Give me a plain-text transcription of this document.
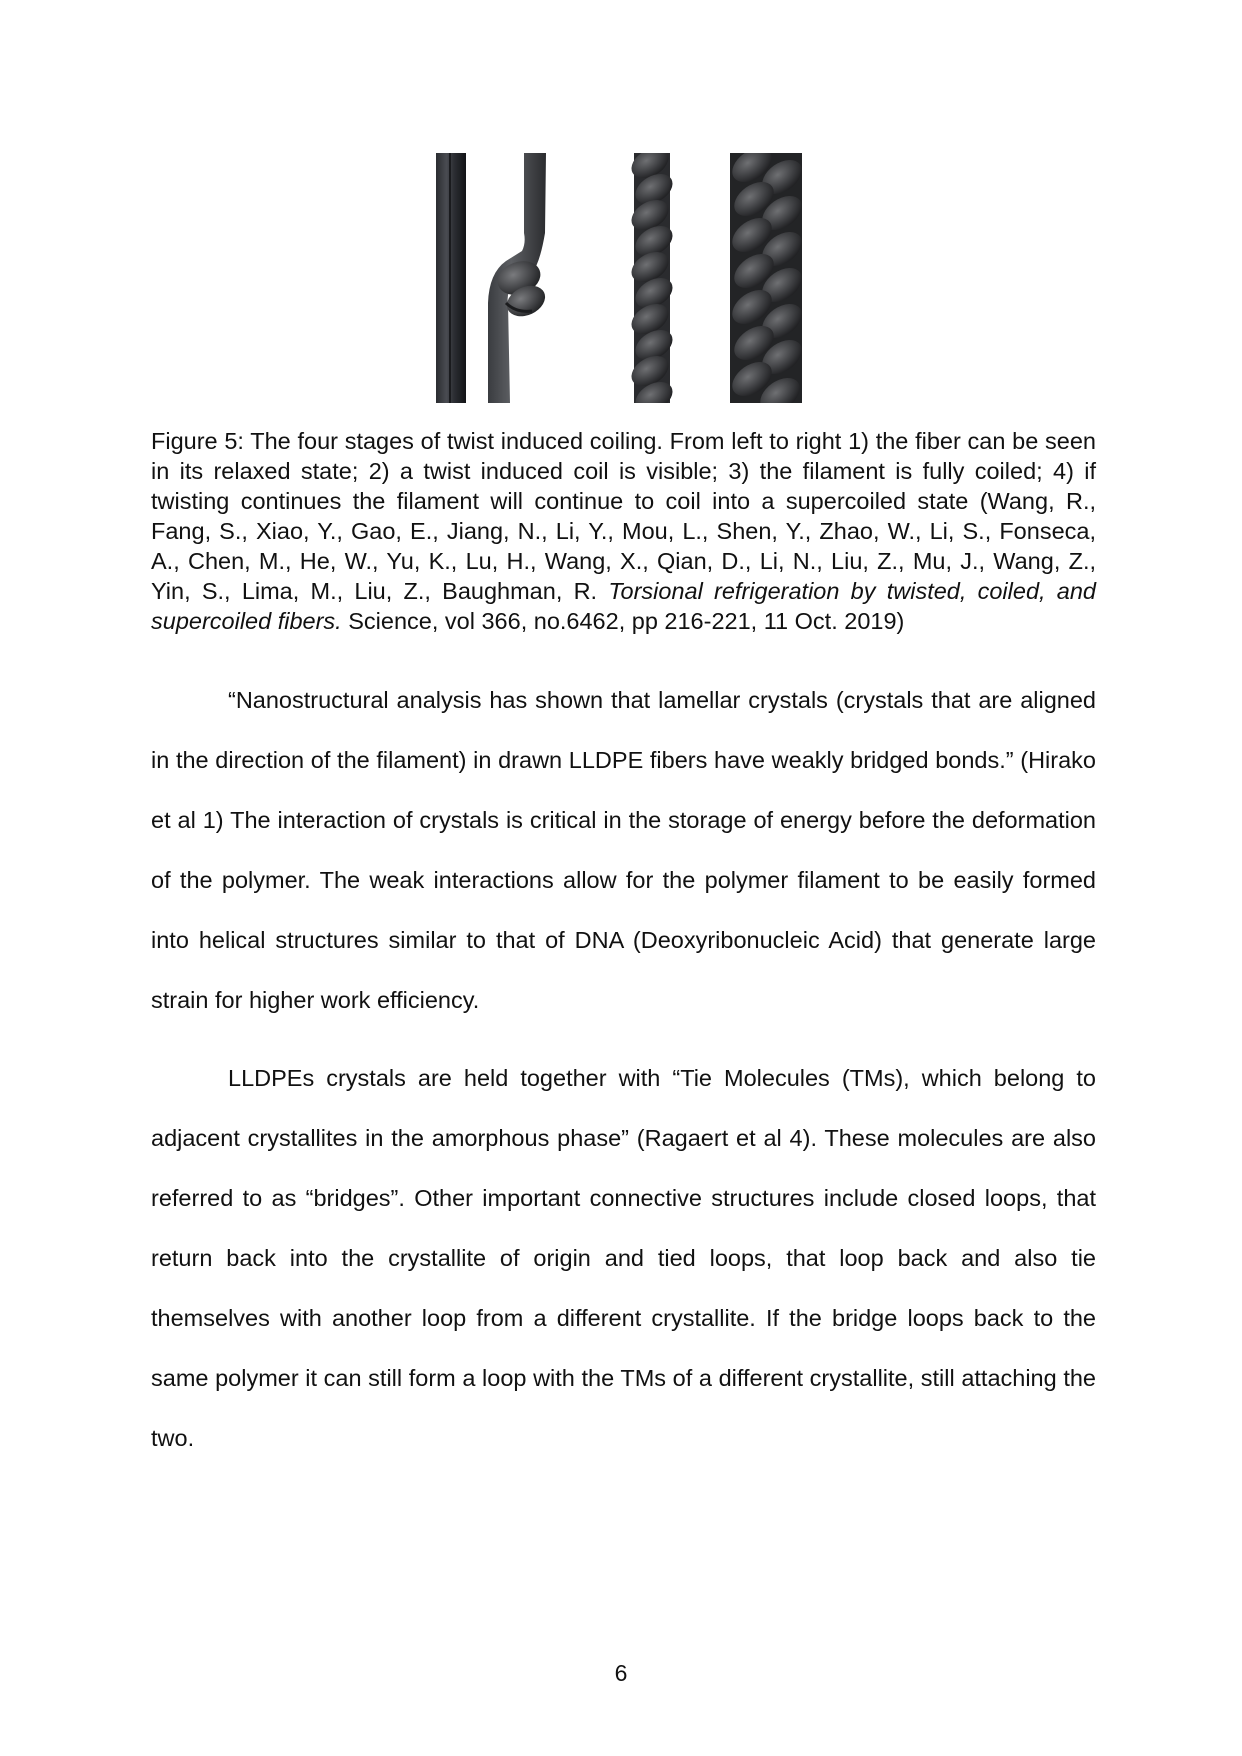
Figure 5: The four stages of twist induced coiling. From left to right 1) the fiber can be seen in its relaxed state; 2) a twist induced coil is visible; 3) the filament is fully coiled; 4) if twisting continues the filament will continue to coil into a supercoiled state (Wang, R., Fang, S., Xiao, Y., Gao, E., Jiang, N., Li, Y., Mou, L., Shen, Y., Zhao, W., Li, S., Fonseca, A., Chen, M., He, W., Yu, K., Lu, H., Wang, X., Qian, D., Li, N., Liu, Z., Mu, J., Wang, Z., Yin, S., Lima, M., Liu, Z., Baughman, R. Torsional refrigeration by twisted, coiled, and supercoiled fibers. Science, vol 366, no.6462, pp 216-221, 11 Oct. 2019)

“Nanostructural analysis has shown that lamellar crystals (crystals that are aligned in the direction of the filament) in drawn LLDPE fibers have weakly bridged bonds.” (Hirako et al 1) The interaction of crystals is critical in the storage of energy before the deformation of the polymer. The weak interactions allow for the polymer filament to be easily formed into helical structures similar to that of DNA (Deoxyribonucleic Acid) that generate large strain for higher work efficiency.

LLDPEs crystals are held together with “Tie Molecules (TMs), which belong to adjacent crystallites in the amorphous phase” (Ragaert et al 4). These molecules are also referred to as “bridges”. Other important connective structures include closed loops, that return back into the crystallite of origin and tied loops, that loop back and also tie themselves with another loop from a different crystallite. If the bridge loops back to the same polymer it can still form a loop with the TMs of a different crystallite, still attaching the two.

6
